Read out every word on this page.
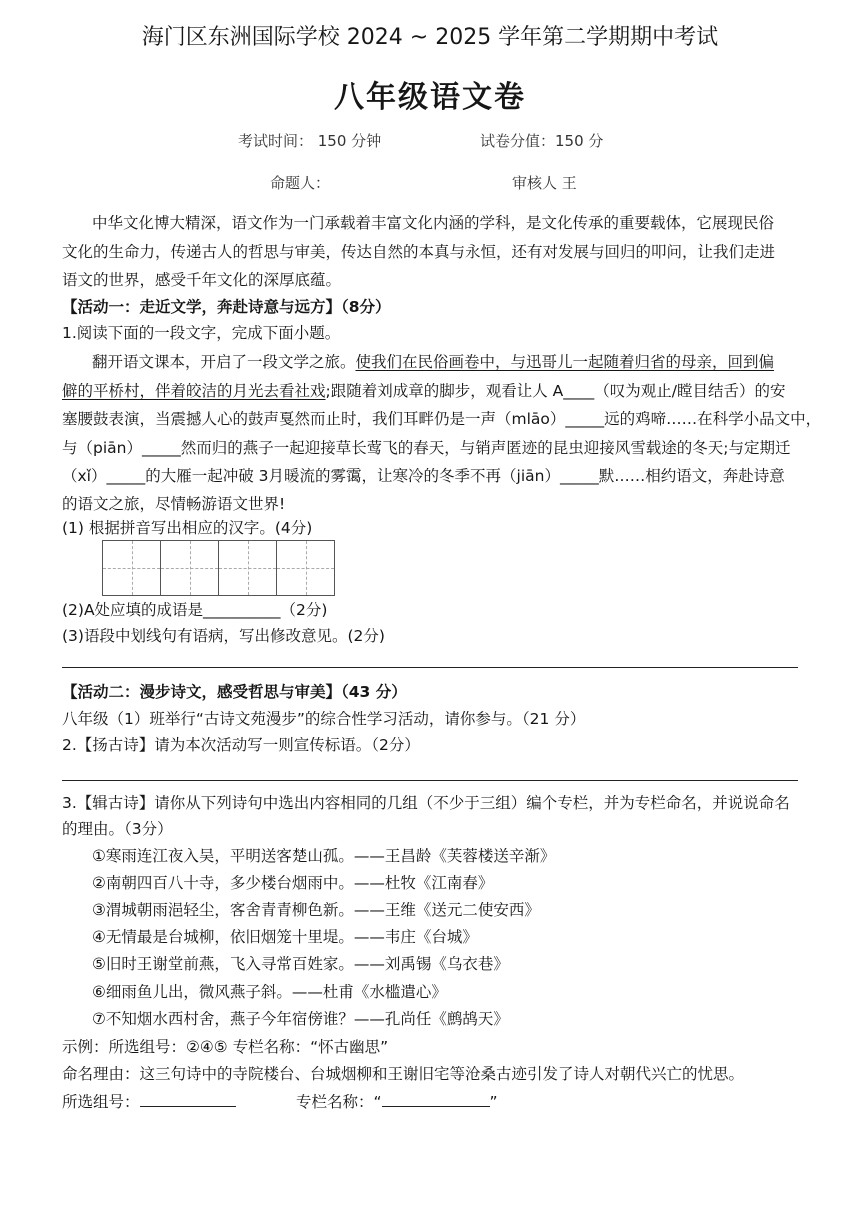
海门区东洲国际学校 2024 ~ 2025 学年第二学期期中考试
八年级语文卷
考试时间： 150 分钟	试卷分值：150 分
命题人：	审核人 王
中华文化博大精深，语文作为一门承载着丰富文化内涵的学科，是文化传承的重要载体，它展现民俗
文化的生命力，传递古人的哲思与审美，传达自然的本真与永恒，还有对发展与回归的叩问，让我们走进
语文的世界，感受千年文化的深厚底蕴。
【活动一：走近文学，奔赴诗意与远方】（8分）
1.阅读下面的一段文字，完成下面小题。
翻开语文课本，开启了一段文学之旅。使我们在民俗画卷中，与迅哥儿一起随着归省的母亲，回到偏
僻的平桥村，伴着皎洁的月光去看社戏;跟随着刘成章的脚步，观看让人 A____（叹为观止/瞠目结舌）的安
塞腰鼓表演，当震撼人心的鼓声戛然而止时，我们耳畔仍是一声（mlāo）_____远的鸡啼……在科学小品文中，
与（piān）_____然而归的燕子一起迎接草长莺飞的春天，与销声匿迹的昆虫迎接风雪载途的冬天;与定期迁
（xǐ）_____的大雁一起冲破 3月暖流的雾霭，让寒冷的冬季不再（jiān）_____默……相约语文，奔赴诗意
的语文之旅，尽情畅游语文世界!
(1) 根据拼音写出相应的汉字。(4分)
(2)A处应填的成语是__________（2分)
(3)语段中划线句有语病，写出修改意见。(2分)
【活动二：漫步诗文，感受哲思与审美】（43 分）
八年级（1）班举行“古诗文苑漫步”的综合性学习活动，请你参与。（21 分）
2.【扬古诗】请为本次活动写一则宣传标语。（2分）
3.【辑古诗】请你从下列诗句中选出内容相同的几组（不少于三组）编个专栏，并为专栏命名，并说说命名
的理由。（3分）
①寒雨连江夜入吴，平明送客楚山孤。——王昌龄《芙蓉楼送辛渐》
②南朝四百八十寺，多少楼台烟雨中。——杜牧《江南春》
③渭城朝雨浥轻尘，客舍青青柳色新。——王维《送元二使安西》
④无情最是台城柳，依旧烟笼十里堤。——韦庄《台城》
⑤旧时王谢堂前燕，飞入寻常百姓家。——刘禹锡《乌衣巷》
⑥细雨鱼儿出，微风燕子斜。——杜甫《水槛遣心》
⑦不知烟水西村舍，燕子今年宿傍谁？——孔尚任《鹧鸪天》
示例：所选组号：②④⑤ 专栏名称：“怀古幽思”
命名理由：这三句诗中的寺院楼台、台城烟柳和王谢旧宅等沧桑古迹引发了诗人对朝代兴亡的忧思。
所选组号：	专栏名称：“	”
